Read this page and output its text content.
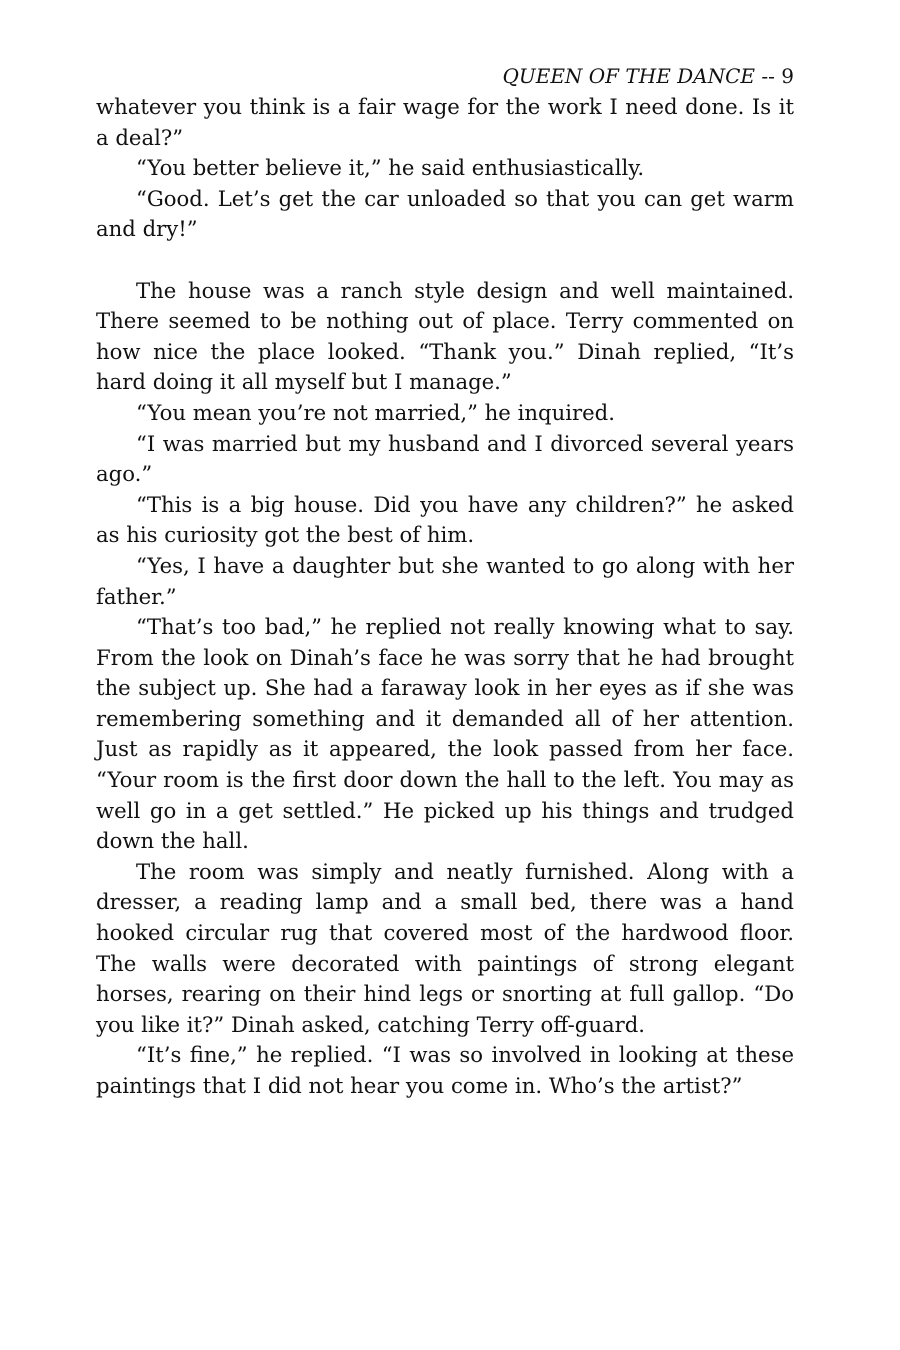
QUEEN OF THE DANCE -- 9

whatever you think is a fair wage for the work I need done. Is it a deal?”

“You better believe it,” he said enthusiastically.

“Good. Let’s get the car unloaded so that you can get warm and dry!”

The house was a ranch style design and well maintained. There seemed to be nothing out of place. Terry commented on how nice the place looked. “Thank you.” Dinah replied, “It’s hard doing it all myself but I manage.”

“You mean you’re not married,” he inquired.

“I was married but my husband and I divorced several years ago.”

“This is a big house. Did you have any children?” he asked as his curiosity got the best of him.

“Yes, I have a daughter but she wanted to go along with her father.”

“That’s too bad,” he replied not really knowing what to say. From the look on Dinah’s face he was sorry that he had brought the subject up. She had a faraway look in her eyes as if she was remembering something and it demanded all of her attention. Just as rapidly as it appeared, the look passed from her face. “Your room is the first door down the hall to the left. You may as well go in a get settled.” He picked up his things and trudged down the hall.

The room was simply and neatly furnished. Along with a dresser, a reading lamp and a small bed, there was a hand hooked circular rug that covered most of the hardwood floor. The walls were decorated with paintings of strong elegant horses, rearing on their hind legs or snorting at full gallop. “Do you like it?” Dinah asked, catching Terry off-guard.

“It’s fine,” he replied. “I was so involved in looking at these paintings that I did not hear you come in. Who’s the artist?”
